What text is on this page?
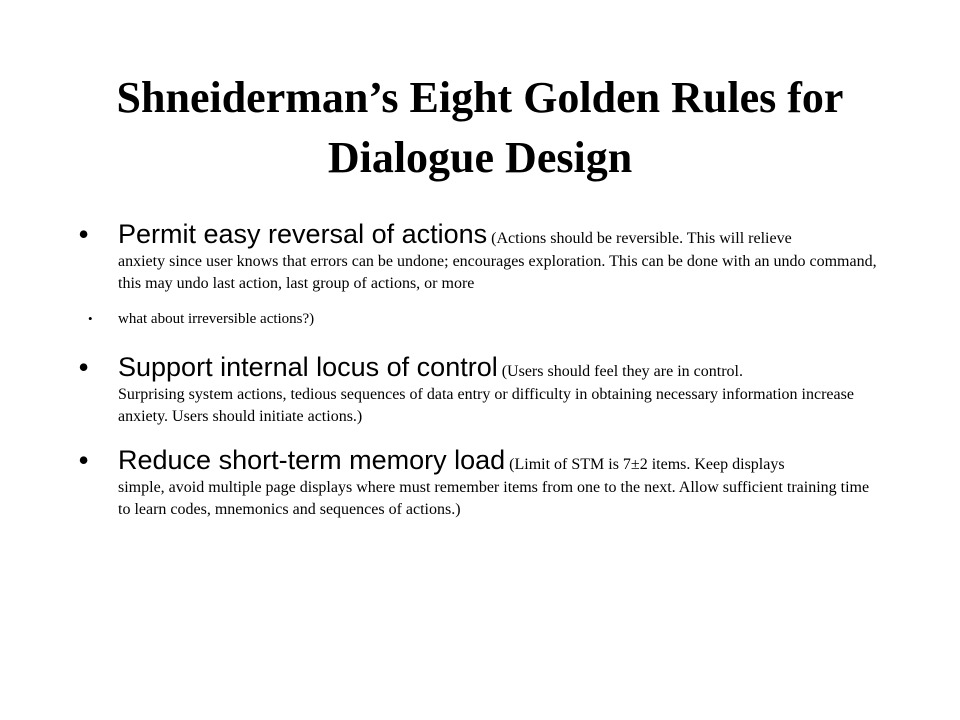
Shneiderman’s Eight Golden Rules for Dialogue Design
• Permit easy reversal of actions (Actions should be reversible. This will relieve
anxiety since user knows that errors can be undone; encourages exploration. This can be done with an undo command, this may undo last action, last group of actions, or more
• what about irreversible actions?)
• Support internal locus of control (Users should feel they are in control.
Surprising system actions, tedious sequences of data entry or difficulty in obtaining necessary information increase anxiety. Users should initiate actions.)
• Reduce short-term memory load (Limit of STM is 7±2 items. Keep displays
simple, avoid multiple page displays where must remember items from one to the next. Allow sufficient training time to learn codes, mnemonics and sequences of actions.)
